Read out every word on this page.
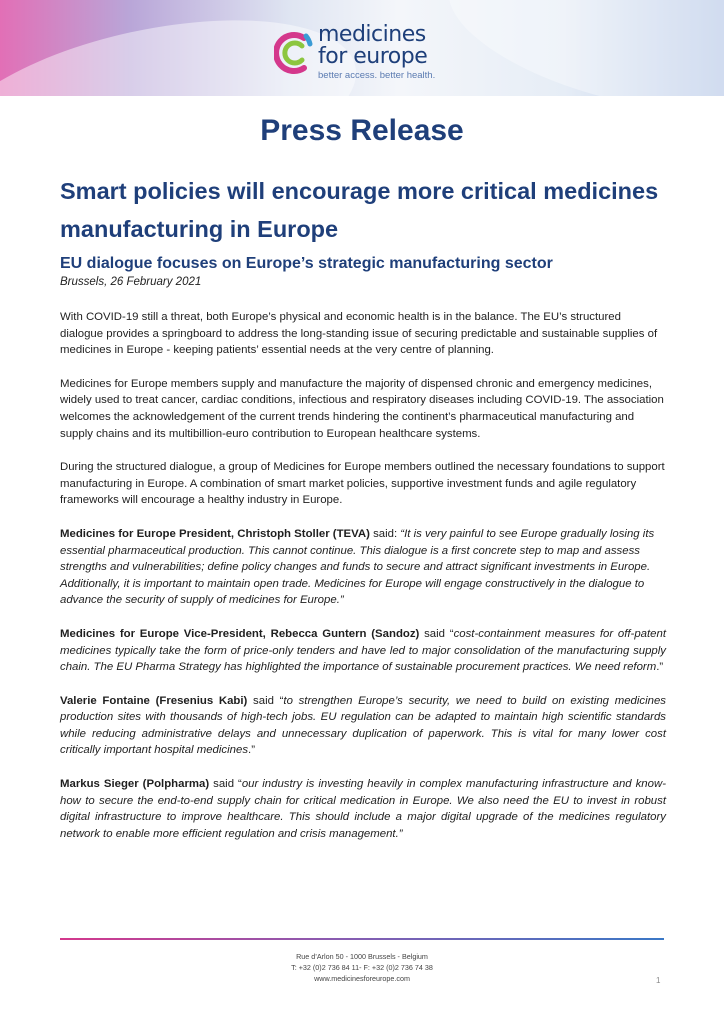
medicines
for europe
better access. better health.
Press Release
Smart policies will encourage more critical medicines manufacturing in Europe
EU dialogue focuses on Europe’s strategic manufacturing sector
Brussels, 26 February 2021

With COVID-19 still a threat, both Europe’s physical and economic health is in the balance. The EU’s structured dialogue provides a springboard to address the long-standing issue of securing predictable and sustainable supplies of medicines in Europe - keeping patients’ essential needs at the very centre of planning.

Medicines for Europe members supply and manufacture the majority of dispensed chronic and emergency medicines, widely used to treat cancer, cardiac conditions, infectious and respiratory diseases including COVID-19. The association welcomes the acknowledgement of the current trends hindering the continent’s pharmaceutical manufacturing and supply chains and its multibillion-euro contribution to European healthcare systems.

During the structured dialogue, a group of Medicines for Europe members outlined the necessary foundations to support manufacturing in Europe. A combination of smart market policies, supportive investment funds and agile regulatory frameworks will encourage a healthy industry in Europe.

Medicines for Europe President, Christoph Stoller (TEVA) said: “It is very painful to see Europe gradually losing its essential pharmaceutical production. This cannot continue. This dialogue is a first concrete step to map and assess strengths and vulnerabilities; define policy changes and funds to secure and attract significant investments in Europe. Additionally, it is important to maintain open trade. Medicines for Europe will engage constructively in the dialogue to advance the security of supply of medicines for Europe.”

Medicines for Europe Vice-President, Rebecca Guntern (Sandoz) said “cost-containment measures for off-patent medicines typically take the form of price-only tenders and have led to major consolidation of the manufacturing supply chain. The EU Pharma Strategy has highlighted the importance of sustainable procurement practices. We need reform.”

Valerie Fontaine (Fresenius Kabi) said “to strengthen Europe’s security, we need to build on existing medicines production sites with thousands of high-tech jobs. EU regulation can be adapted to maintain high scientific standards while reducing administrative delays and unnecessary duplication of paperwork. This is vital for many lower cost critically important hospital medicines.”

Markus Sieger (Polpharma) said “our industry is investing heavily in complex manufacturing infrastructure and know-how to secure the end-to-end supply chain for critical medication in Europe. We also need the EU to invest in robust digital infrastructure to improve healthcare. This should include a major digital upgrade of the medicines regulatory network to enable more efficient regulation and crisis management.”

Rue d’Arlon 50 - 1000 Brussels - Belgium
T: +32 (0)2 736 84 11- F: +32 (0)2 736 74 38
www.medicinesforeurope.com	1
